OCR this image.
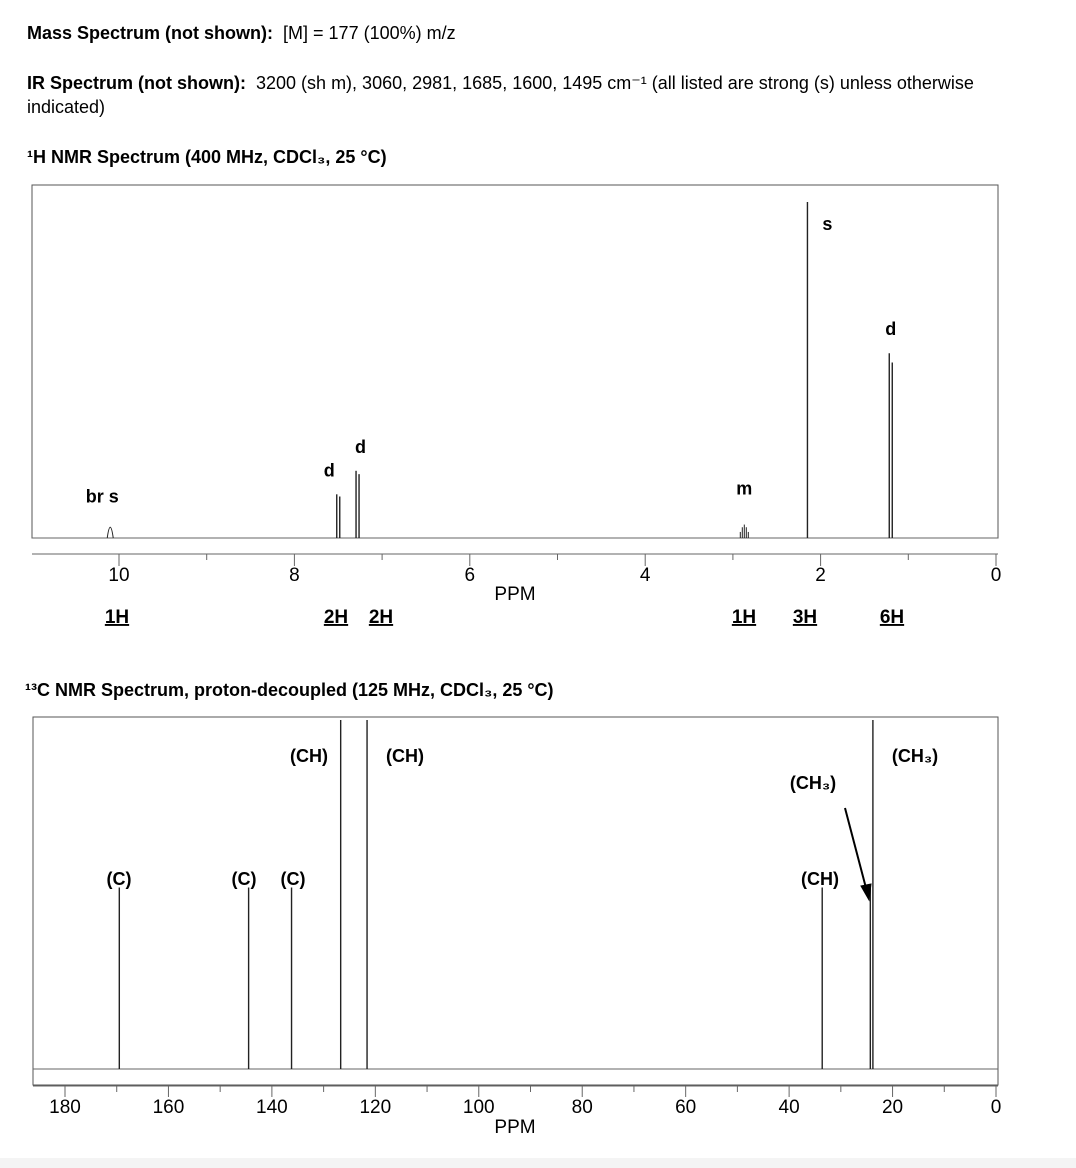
Mass Spectrum (not shown): [M] = 177 (100%) m/z
IR Spectrum (not shown): 3200 (sh m), 3060, 2981, 1685, 1600, 1495 cm⁻¹ (all listed are strong (s) unless otherwise indicated)
¹H NMR Spectrum (400 MHz, CDCl₃, 25 °C)
¹³C NMR Spectrum, proton-decoupled (125 MHz, CDCl₃, 25 °C)
10	8	6	4	2	0
PPM
br s
d
d
m
s
d
1H	2H 2H	1H 3H	6H
180	160	140	120	100	80	60	40	20	0
PPM
(C)	(C) (C)
(CH)	(CH)
(CH)
(CH₃)
(CH₃)
